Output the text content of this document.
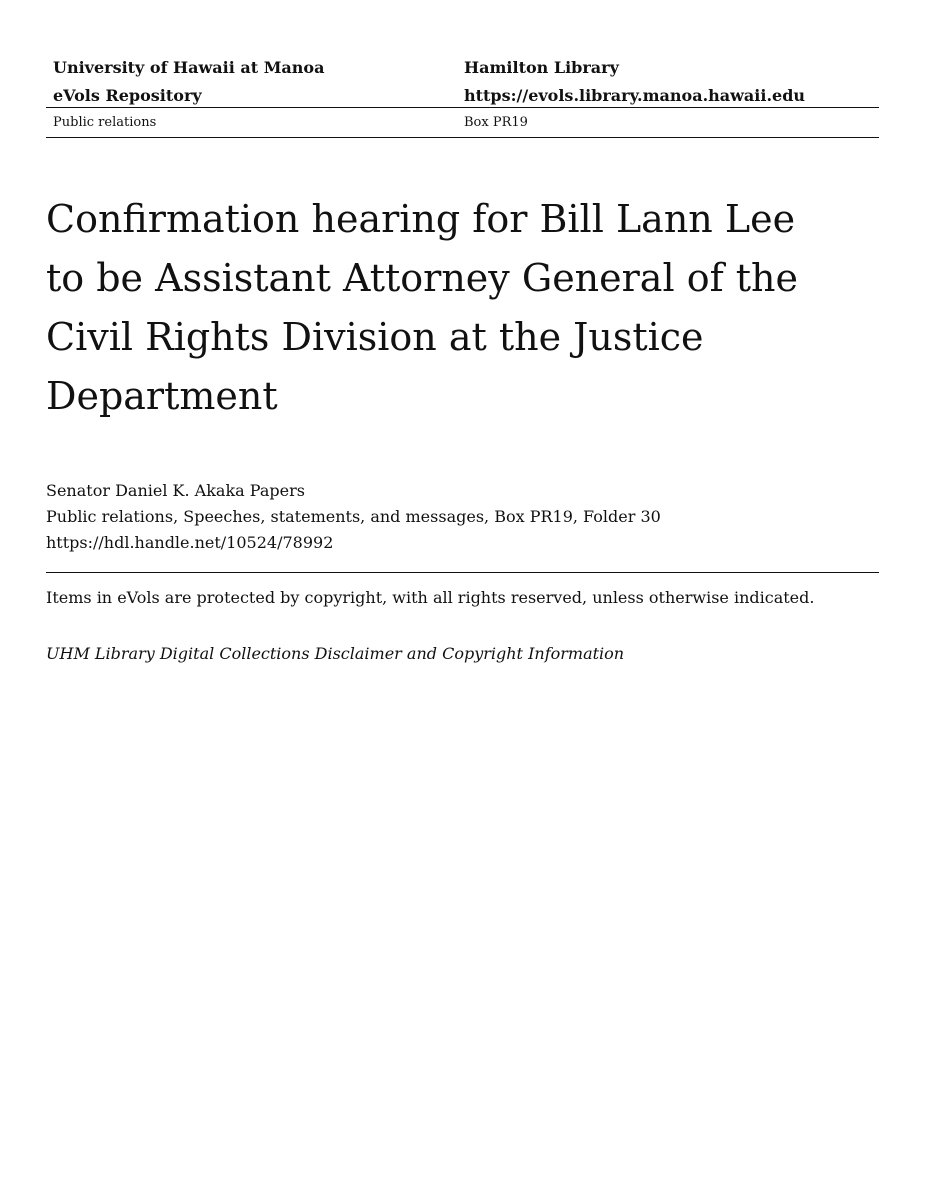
University of Hawaii at Manoa	Hamilton Library
eVols Repository	https://evols.library.manoa.hawaii.edu
Public relations	Box PR19
Confirmation hearing for Bill Lann Lee to be Assistant Attorney General of the Civil Rights Division at the Justice Department
Senator Daniel K. Akaka Papers
Public relations, Speeches, statements, and messages, Box PR19, Folder 30
https://hdl.handle.net/10524/78992
Items in eVols are protected by copyright, with all rights reserved, unless otherwise indicated.
UHM Library Digital Collections Disclaimer and Copyright Information
